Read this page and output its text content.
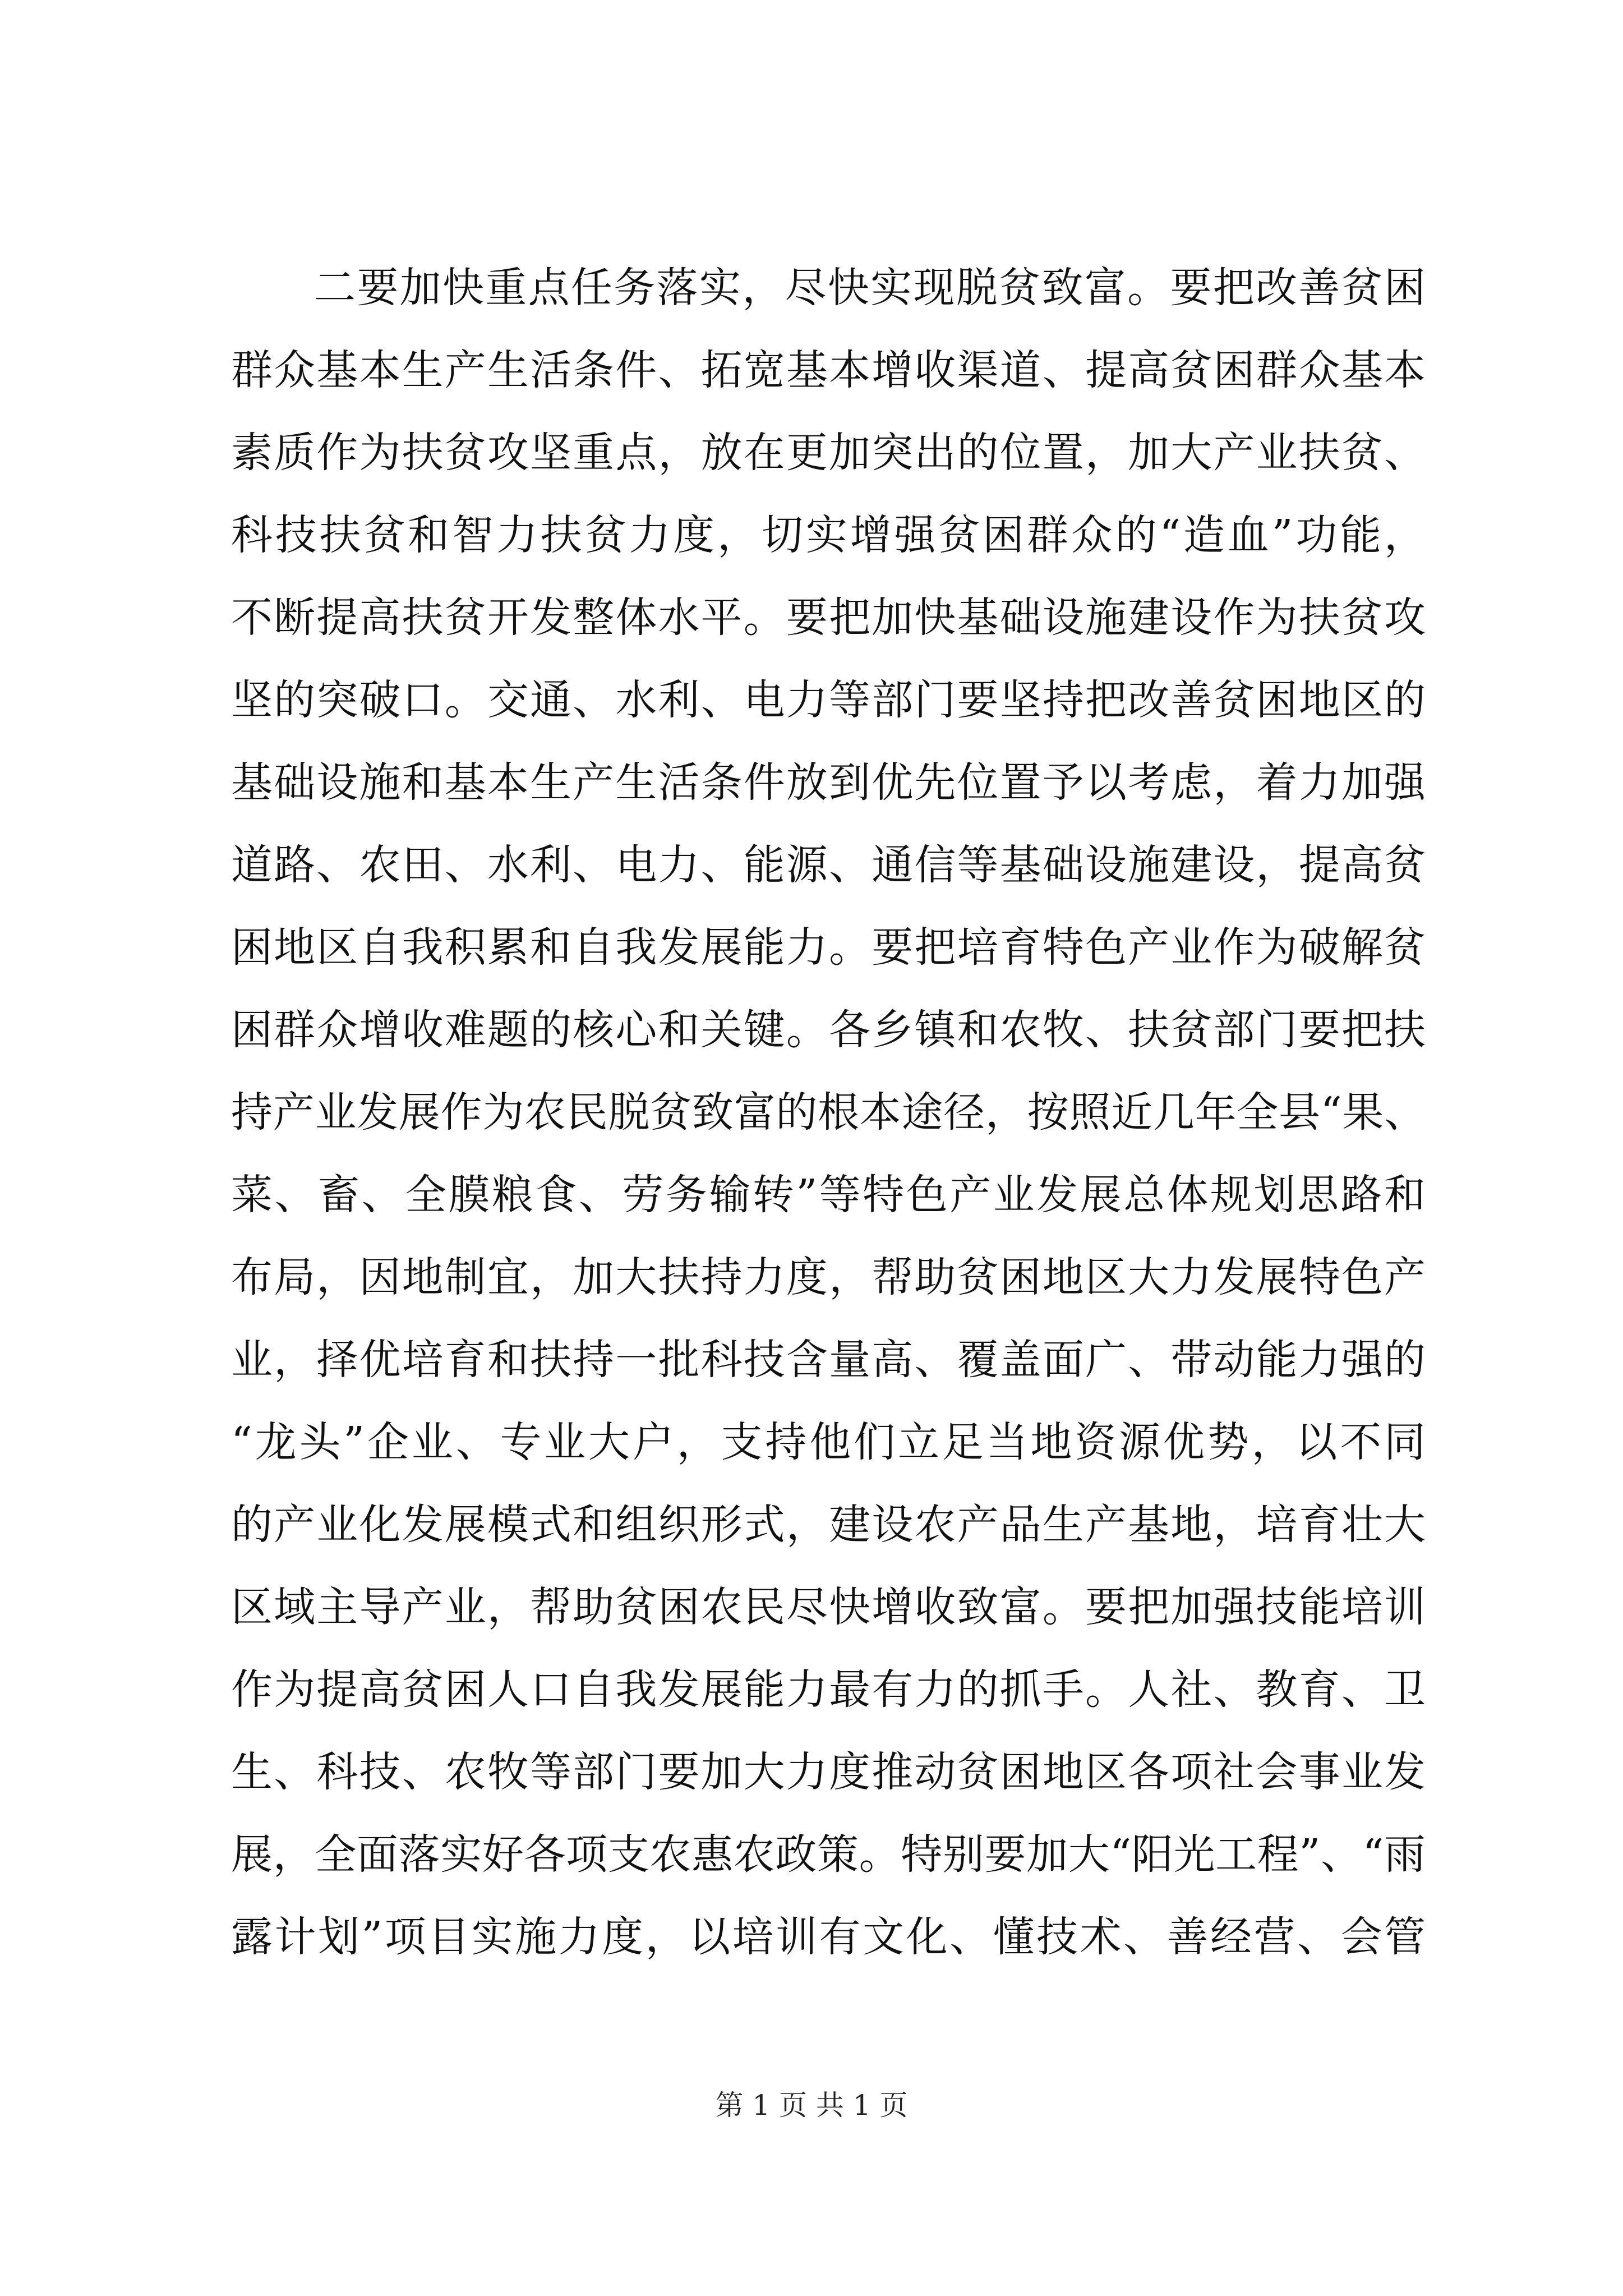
二要加快重点任务落实，尽快实现脱贫致富。要把改善贫困
群众基本生产生活条件、拓宽基本增收渠道、提高贫困群众基本
素质作为扶贫攻坚重点，放在更加突出的位置，加大产业扶贫、
科技扶贫和智力扶贫力度，切实增强贫困群众的“造血”功能，
不断提高扶贫开发整体水平。要把加快基础设施建设作为扶贫攻
坚的突破口。交通、水利、电力等部门要坚持把改善贫困地区的
基础设施和基本生产生活条件放到优先位置予以考虑，着力加强
道路、农田、水利、电力、能源、通信等基础设施建设，提高贫
困地区自我积累和自我发展能力。要把培育特色产业作为破解贫
困群众增收难题的核心和关键。各乡镇和农牧、扶贫部门要把扶
持产业发展作为农民脱贫致富的根本途径，按照近几年全县“果、
菜、畜、全膜粮食、劳务输转”等特色产业发展总体规划思路和
布局，因地制宜，加大扶持力度，帮助贫困地区大力发展特色产
业，择优培育和扶持一批科技含量高、覆盖面广、带动能力强的
“龙头”企业、专业大户，支持他们立足当地资源优势，以不同
的产业化发展模式和组织形式，建设农产品生产基地，培育壮大
区域主导产业，帮助贫困农民尽快增收致富。要把加强技能培训
作为提高贫困人口自我发展能力最有力的抓手。人社、教育、卫
生、科技、农牧等部门要加大力度推动贫困地区各项社会事业发
展，全面落实好各项支农惠农政策。特别要加大“阳光工程”、“雨
露计划”项目实施力度，以培训有文化、懂技术、善经营、会管
第 1 页 共 1 页
